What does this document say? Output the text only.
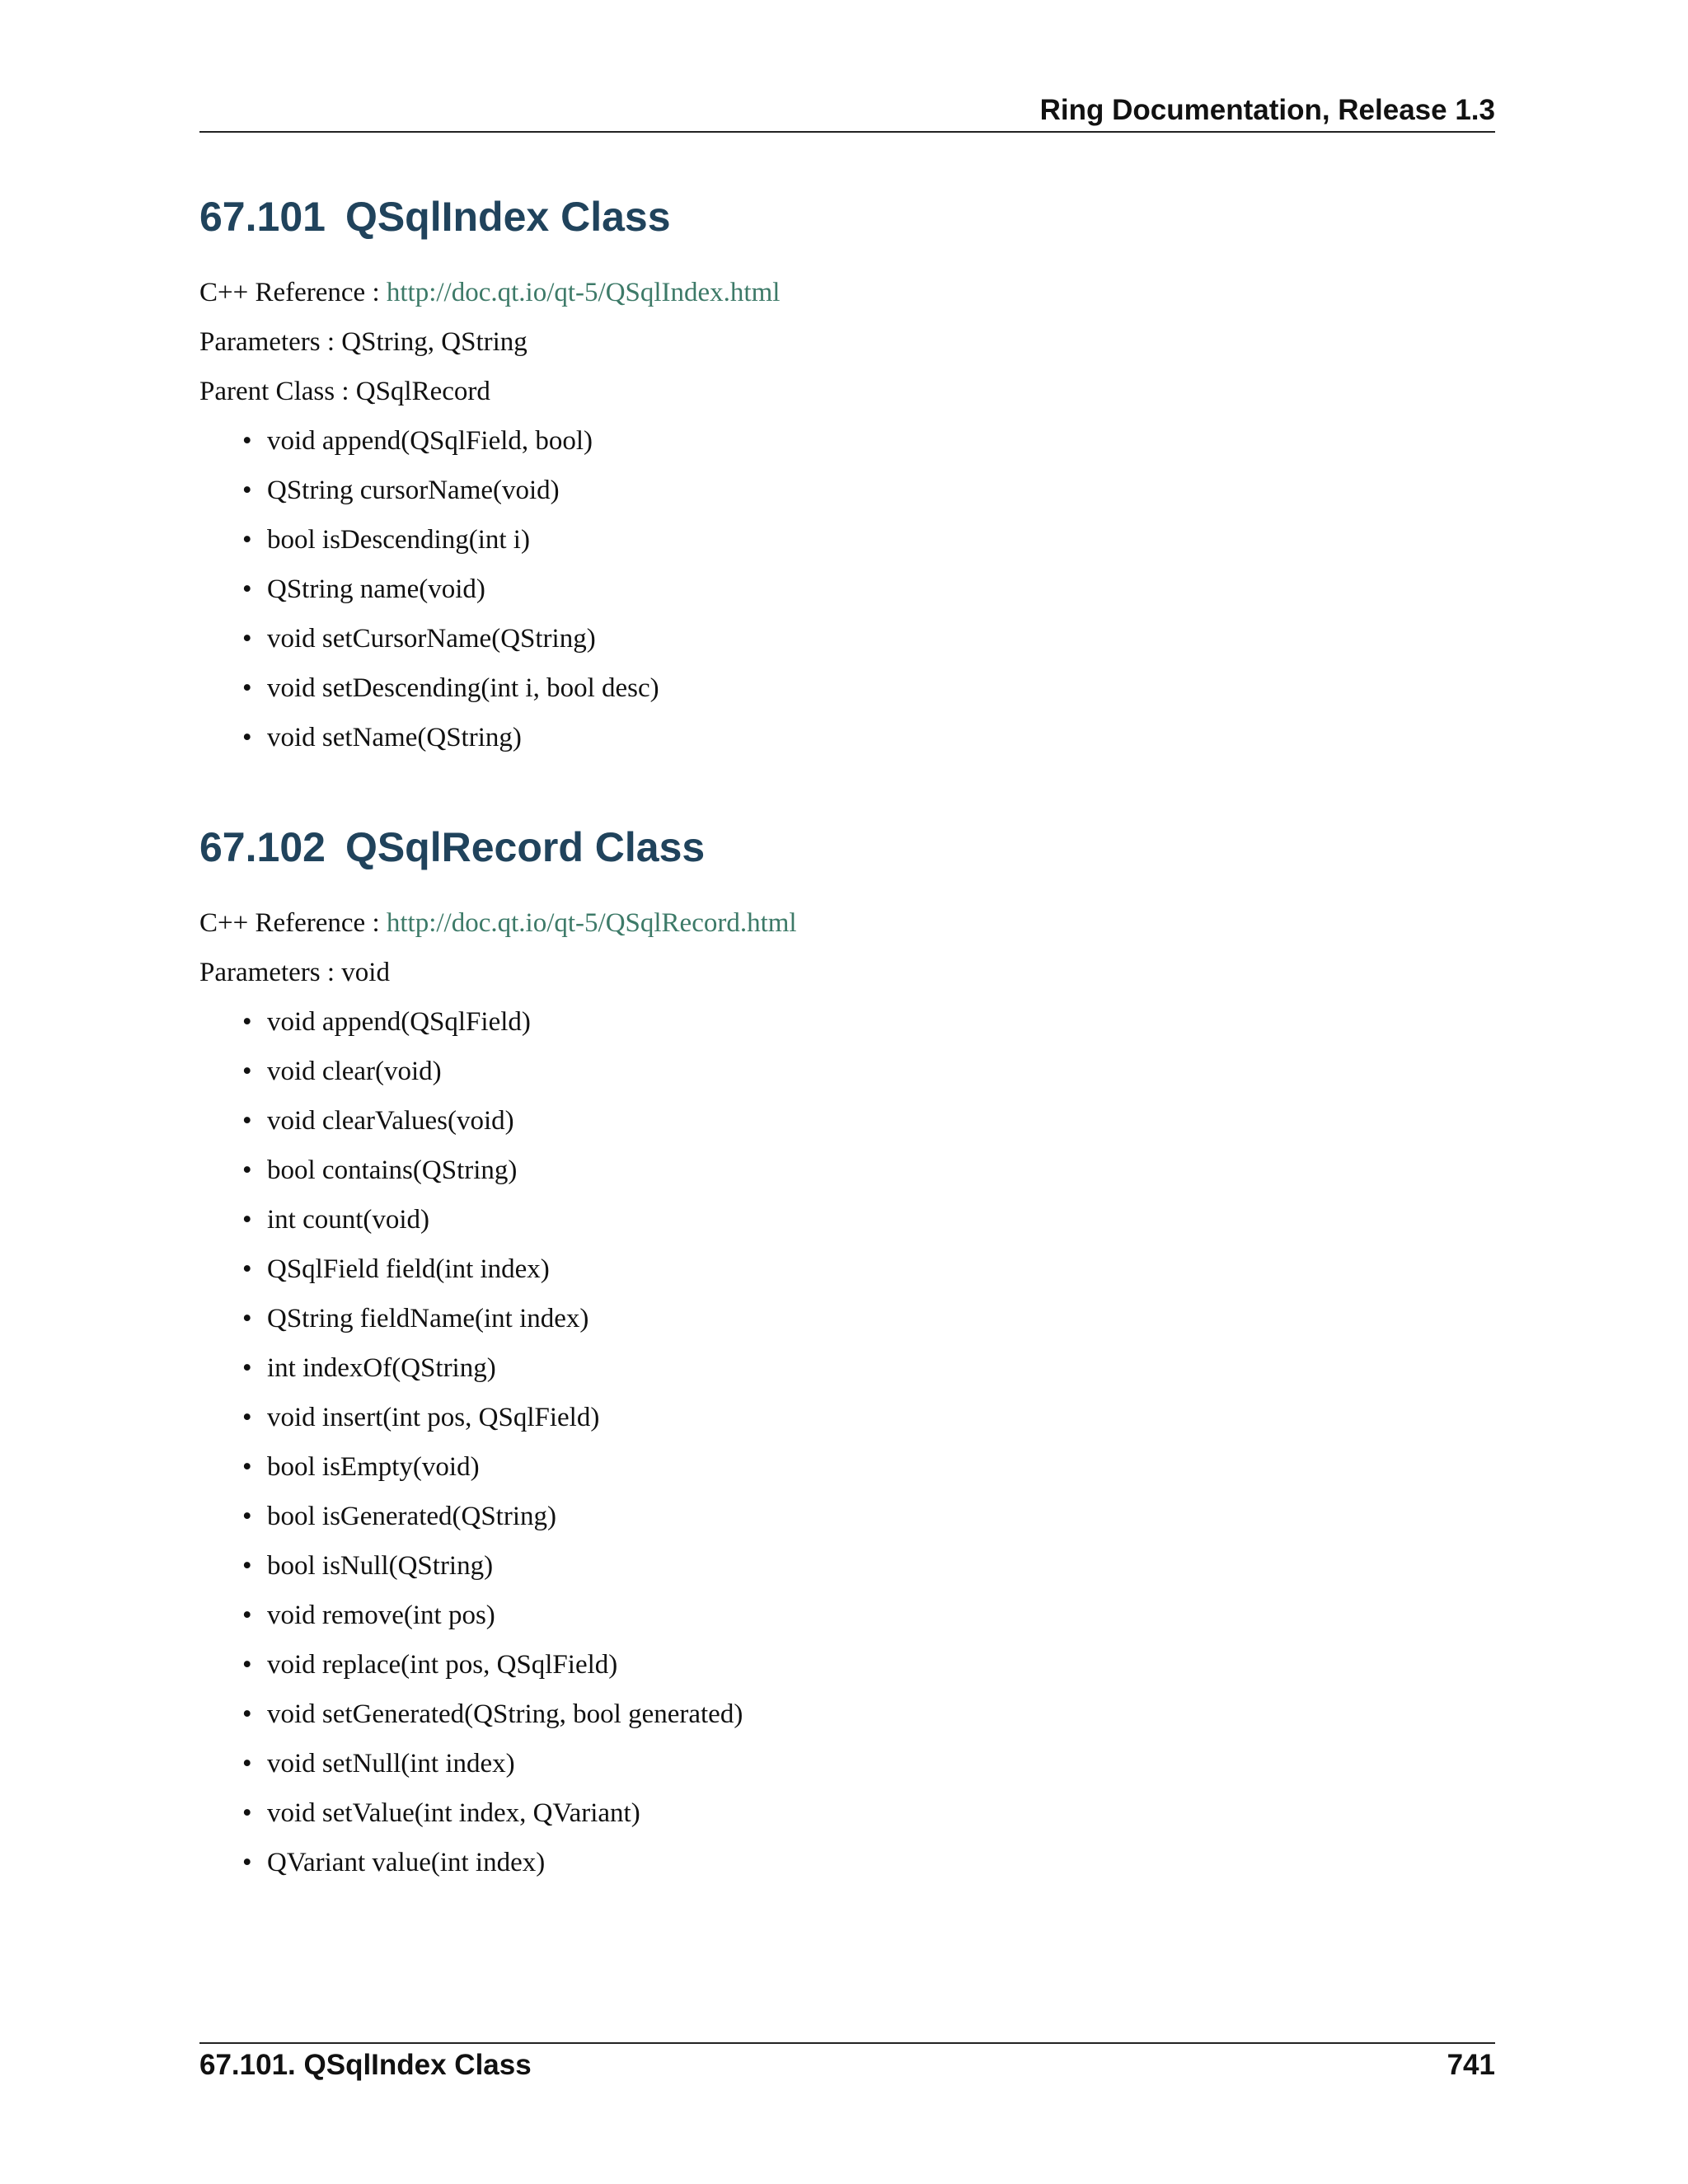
Ring Documentation, Release 1.3
67.101 QSqlIndex Class

C++ Reference : http://doc.qt.io/qt-5/QSqlIndex.html

Parameters : QString, QString

Parent Class : QSqlRecord

• void append(QSqlField, bool)
• QString cursorName(void)
• bool isDescending(int i)
• QString name(void)
• void setCursorName(QString)
• void setDescending(int i, bool desc)
• void setName(QString)
67.102 QSqlRecord Class

C++ Reference : http://doc.qt.io/qt-5/QSqlRecord.html

Parameters : void

• void append(QSqlField)
• void clear(void)
• void clearValues(void)
• bool contains(QString)
• int count(void)
• QSqlField field(int index)
• QString fieldName(int index)
• int indexOf(QString)
• void insert(int pos, QSqlField)
• bool isEmpty(void)
• bool isGenerated(QString)
• bool isNull(QString)
• void remove(int pos)
• void replace(int pos, QSqlField)
• void setGenerated(QString, bool generated)
• void setNull(int index)
• void setValue(int index, QVariant)
• QVariant value(int index)
67.101. QSqlIndex Class	741
